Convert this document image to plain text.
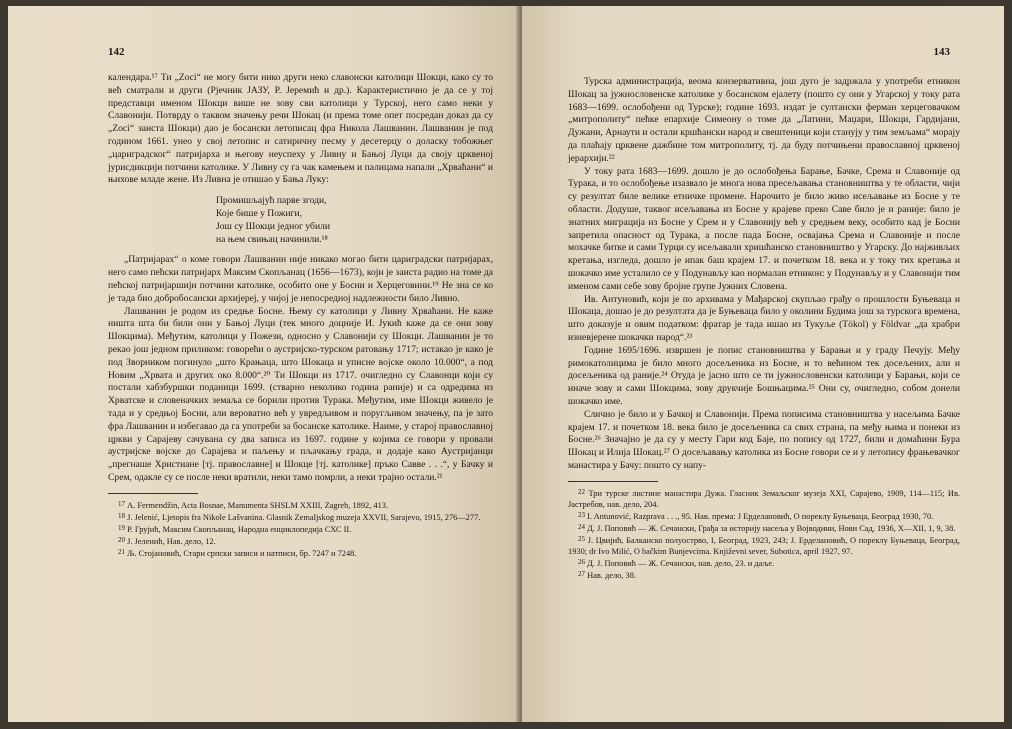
142

календара.¹⁷ Ти „Zoci“ не могу бити нико други неко славонски католици Шокци, како су то већ сматрали и други (Рјечник ЈАЗУ, Р. Јеремић и др.). Карактеристично је да се у тој представци именом Шокци више не зову сви католици у Турској, него само неки у Славонији. Потврду о таквом значењу речи Шокац (и према томе опет посредан доказ да су „Zoci“ заиста Шокци) дао је босански летописац фра Никола Лашванин. Лашванин је под годином 1661. унео у свој летопис и сатиричну песму у десетерцу о доласку тобожњег „цариградског“ патријарха и његову неуспеху у Ливну и Бањој Луци да своју црквеној јурисдикцији потчини католике. У Ливну су га чак камењем и палицама напали „Хрваћани“ и њихове младе жене. Из Ливна је отишао у Бања Луку:

Промишљајућ парве згоди,
Које бише у Пожиги,
Још су Шокци једног убили
на њем свињац начинили.¹⁸

„Патријарах“ о коме говори Лашванин није никако могао бити цариградски патријарах, него само пећски патријарх Максим Скопљанац (1656—1673), који је заиста радио на томе да пећској патријаршији потчини католике, особито оне у Босни и Херцеговини.¹⁹ Не зна се ко је тада био добробосански архијереј, у чијој је непосредној надлежности било Ливно.

Лашванин је родом из средње Босне. Њему су католици у Ливну Хрваћани. Не каже ништа шта би били они у Бањој Луци (тек много доцније И. Јукић каже да се они зову Шокцима). Међутим, католици у Пожези, односно у Славонији су Шокци. Лашванин је то рекао још једном приликом: говорећи о аустријско-турском ратовању 1717; истакао је како је под Зворником погинуло „што Крањаца, што Шокаца и уписне војске около 10.000“, а под Новим „Хрвата и других око 8.000“.²⁰ Ти Шокци из 1717. очигледно су Славонци који су постали хабзбуршки поданици 1699. (стварно неколико година раније) и са одредима из Хрватске и словеначких земаља се борили против Турака. Међутим, име Шокци живело је тада и у средњој Босни, али вероватно већ у увредљивом и поругљивом значењу, па је зато фра Лашванин и избегавао да га употреби за босанске католике. Наиме, у старој православној цркви у Сарајеву сачувана су два записа из 1697. године у којима се говори у провали аустријске војске до Сарајева и паљењу и пљачкању града, и додаје како Аустријанци „прегнаше Христиане [тј. православне] и Шокце [тј. католике] пръко Савве . . .“, у Бачку и Срем, одакле су се после неки вратили, неки тамо помрли, а неки трајно остали.²¹

$^{17}$ А. Fermendžin, Acta Bosnae, Manumenta SHSLM XXIII, Zagreb, 1892, 413.
$^{18}$ J. Jelenić, Ljetopis fra Nikole Lašvanina. Glasnik Zemaljskog muzeja XXVII, Sarajevo, 1915, 276—277.
$^{19}$ Р. Грујић, Максим Скопљанац, Народна енциклопедија СХС II.
$^{20}$ J. Јеленић, Нав. дело, 12.
$^{21}$ Љ. Стојановић, Стари српски записи и натписи, бр. 7247 и 7248.
143

Турска администрација, веома конзервативна, још дуго је задржала у употреби етникон Шокац за јужнословенске католике у босанском ејалету (пошто су они у Угарској у току рата 1683—1699. ослобођени од Турске); године 1693. издат је султански ферман херцеговачком „митрополиту“ пећке епархије Симеону о томе да „Латини, Маџари, Шокци, Гардијани, Дужани, Арнаути и остали кршћански народ и свештеници који станују у тим земљама“ морају да плаћају црквене дажбине том митрополиту, тј. да буду потчињени православној црквеној јерархији.²²

У току рата 1683—1699. дошло је до ослобођења Барање, Бачке, Срема и Славоније од Турака, и то ослобођење изазвало је многа нова пресељавања становништва у те области, чији су резултат биле велике етничке промене. Нарочито је било живо исељавање из Босне у те области. Додуше, таквог исељавања из Босне у крајеве преко Саве било је и раније: било је знатних миграција из Босне у Срем и у Славонију већ у средњем веку, особито кад је Босни запретила опасност од Турака, а после пада Босне, освајања Срема и Славоније и после мохачке битке и сами Турци су исељавали хришћанско становништво у Угарску. До најживљих кретања, изгледа, дошло је ипак баш крајем 17. и почетком 18. века и у току тих кретања и шокачко име усталило се у Подунављу као нормалан етникон: у Подунављу и у Славонији тим именом сами себе зову бројне групе Јужних Словена.

Ив. Антуновић, који је по архивама у Мађарској скупљао грађу о прошлости Буњеваца и Шокаца, дошао је до резултата да је Буњеваца било у околини Будима још за турскога времена, што доказује и овим податком: фратар је тада ишао из Тукуље (Tökol) у Földvar „да храбри изневјерене шокачки народ“.²³

Године 1695/1696. извршен је попис становништва у Барањи и у граду Печују. Међу римокатолицима је било много досељеника из Босне, и то већином тек досељених, али и досељеника од раније.²⁴ Отуда је јасно што се ти јужнословенски католици у Барањи, који се иначе зову и сами Шокцима, зову друкчије Бошњацима.²⁵ Они су, очигледно, собом донели шокачко име.

Слично је било и у Бачкој и Славонији. Према пописима становништва у насељима Бачке крајем 17. и почетком 18. века било је досељеника са свих страна, па међу њима и понеки из Босне.²⁶ Значајно је да су у месту Гари код Баје, по попису од 1727, били и домаћини Бура Шокац и Илија Шокац.²⁷ О досељавању католика из Босне говори се и у летопису фрањевачког манастира у Бачу: пошто су напу-

$^{22}$ Три турске листине манастира Дужа. Гласник Земаљског музеја XXI, Сарајево, 1909, 114—115; Ив. Јастребов, нав. дело, 204.
$^{23}$ I. Antunović, Razprava . . ., 95. Нав. према: J Ерделановић, О пореклу Буњеваца, Београд 1930, 70.
$^{24}$ Д. Ј. Поповић — Ж. Сечански, Грађа за историју насеља у Војводини, Нови Сад, 1936, Х—XII, 1, 9, 38.
$^{25}$ Ј. Цвијић, Балканско полуострво, I, Београд, 1923, 243; Ј. Ерделановић, О пореклу Буњеваца, Београд, 1930; dr Ivo Milić, O bačkim Bunjevcima. Književni sever, Subotica, april 1927, 97.
$^{26}$ Д. Ј. Поповић — Ж. Сечански, нав. дело, 23. и даље.
$^{27}$ Нав. дело, 38.
